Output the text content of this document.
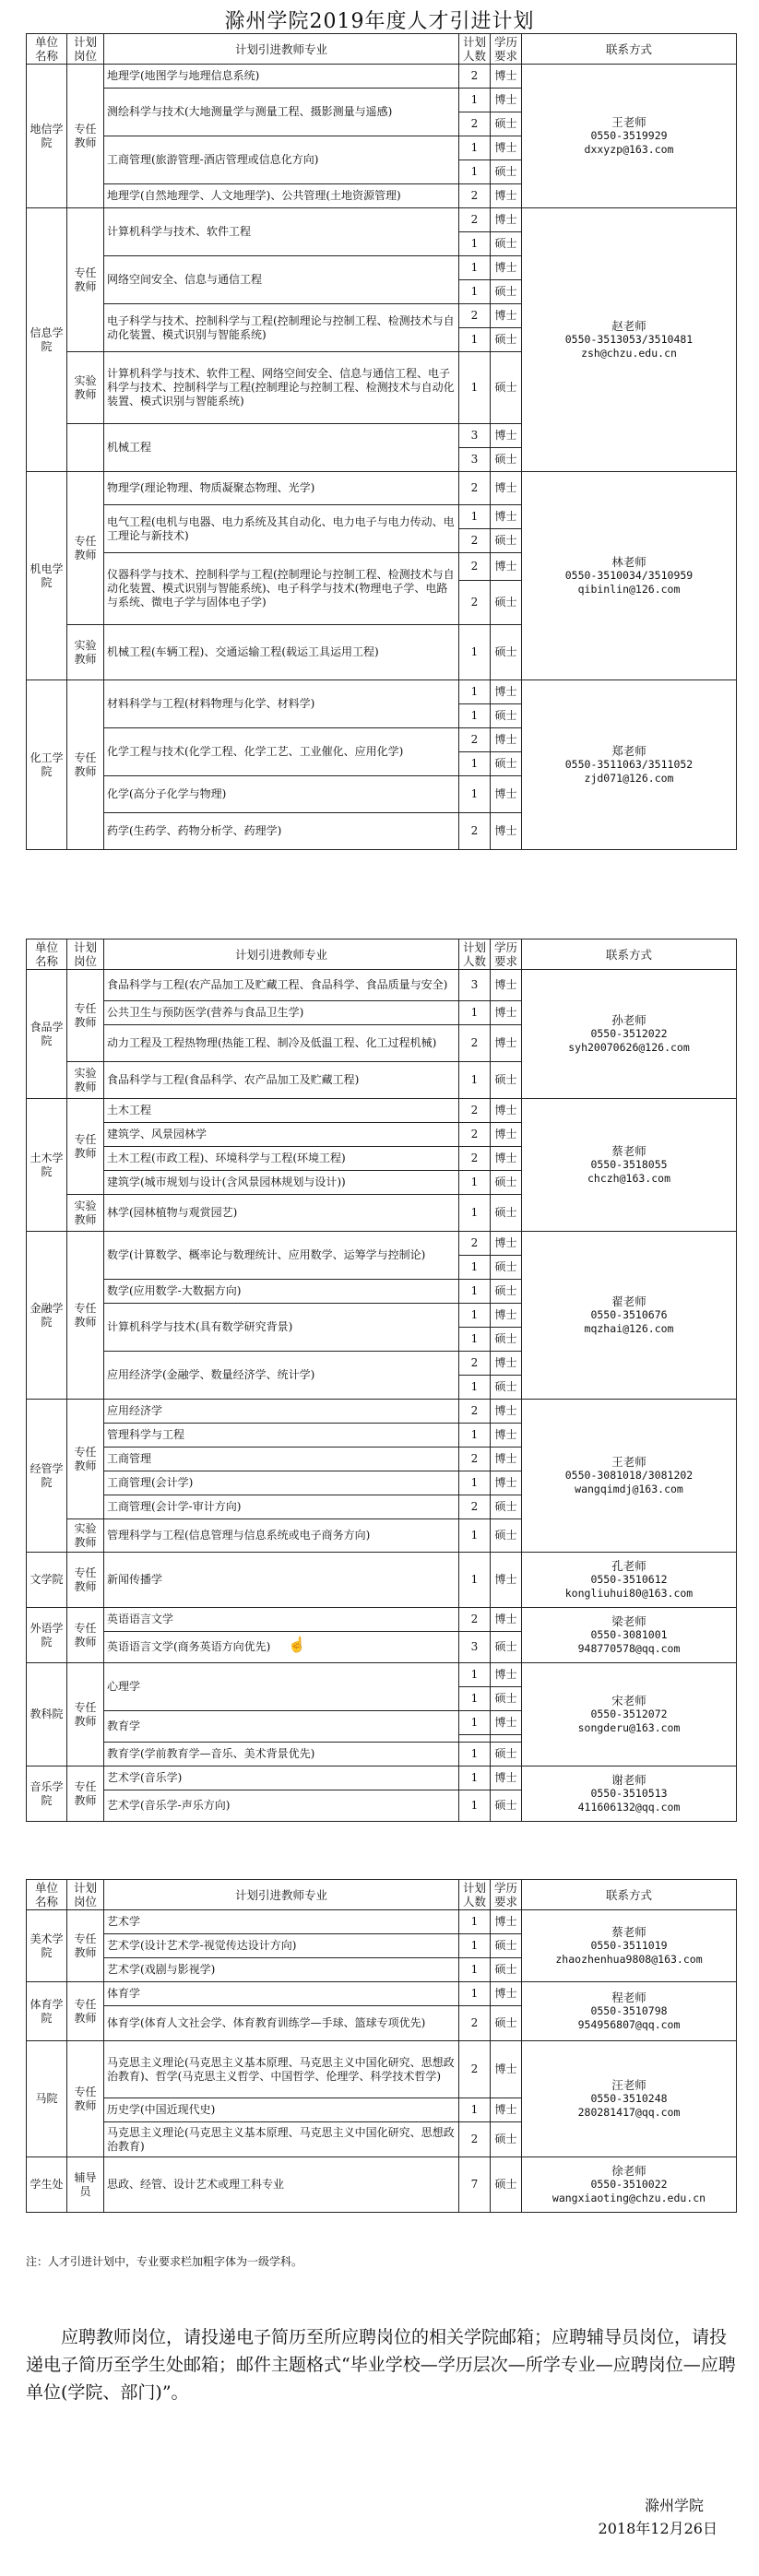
滁州学院2019年度人才引进计划
单位名称	计划岗位	计划引进教师专业	计划人数	学历要求	联系方式
地信学院	专任教师	地理学(地图学与地理信息系统)	2	博士	王老师
0550-3519929
dxxyzp@163.com

		测绘科学与技术(大地测量学与测量工程、摄影测量与遥感)	1	博士	
			2	硕士	
		工商管理(旅游管理-酒店管理或信息化方向)	1	博士	
			1	硕士	
		地理学(自然地理学、人文地理学)、公共管理(土地资源管理)	2	博士	
信息学院	专任教师	计算机科学与技术、软件工程	2	博士	赵老师
0550-3513053/3510481
zsh@chzu.edu.cn

			1	硕士	
		网络空间安全、信息与通信工程	1	博士	
			1	硕士	
		电子科学与技术、控制科学与工程(控制理论与控制工程、检测技术与自动化装置、模式识别与智能系统)	2	博士	
			1	硕士	
	实验教师	计算机科学与技术、软件工程、网络空间安全、信息与通信工程、电子科学与技术、控制科学与工程(控制理论与控制工程、检测技术与自动化装置、模式识别与智能系统)	1	硕士	
		机械工程	3	博士	
			3	硕士	
机电学院	专任教师	物理学(理论物理、物质凝聚态物理、光学)	2	博士	林老师
0550-3510034/3510959
qibinlin@126.com

		电气工程(电机与电器、电力系统及其自动化、电力电子与电力传动、电工理论与新技术)	1	博士	
			2	硕士	
		仪器科学与技术、控制科学与工程(控制理论与控制工程、检测技术与自动化装置、模式识别与智能系统)、电子科学与技术(物理电子学、电路与系统、微电子学与固体电子学)	2	博士	
			2	硕士	
	实验教师	机械工程(车辆工程)、交通运输工程(载运工具运用工程)	1	硕士	
化工学院	专任教师	材料科学与工程(材料物理与化学、材料学)	1	博士	郑老师
0550-3511063/3511052
zjd071@126.com

			1	硕士	
		化学工程与技术(化学工程、化学工艺、工业催化、应用化学)	2	博士	
			1	硕士	
		化学(高分子化学与物理)	1	博士	
		药学(生药学、药物分析学、药理学)	2	博士	
单位名称	计划岗位	计划引进教师专业	计划人数	学历要求	联系方式
食品学院	专任教师	食品科学与工程(农产品加工及贮藏工程、食品科学、食品质量与安全)	3	博士	孙老师
0550-3512022
syh20070626@126.com

		公共卫生与预防医学(营养与食品卫生学)	1	博士	
		动力工程及工程热物理(热能工程、制冷及低温工程、化工过程机械)	2	博士	
	实验教师	食品科学与工程(食品科学、农产品加工及贮藏工程)	1	硕士	
土木学院	专任教师	土木工程	2	博士	蔡老师
0550-3518055
chczh@163.com

		建筑学、风景园林学	2	博士	
		土木工程(市政工程)、环境科学与工程(环境工程)	2	博士	
		建筑学(城市规划与设计(含风景园林规划与设计))	1	硕士	
	实验教师	林学(园林植物与观赏园艺)	1	硕士	
金融学院	专任教师	数学(计算数学、概率论与数理统计、应用数学、运筹学与控制论)	2	博士	翟老师
0550-3510676
mqzhai@126.com

			1	硕士	
		数学(应用数学-大数据方向)	1	硕士	
		计算机科学与技术(具有数学研究背景)	1	博士	
			1	硕士	
		应用经济学(金融学、数量经济学、统计学)	2	博士	
			1	硕士	
经管学院	专任教师	应用经济学	2	博士	王老师
0550-3081018/3081202
wangqimdj@163.com

		管理科学与工程	1	博士	
		工商管理	2	博士	
		工商管理(会计学)	1	博士	
		工商管理(会计学-审计方向)	2	硕士	
	实验教师	管理科学与工程(信息管理与信息系统或电子商务方向)	1	硕士	
文学院	专任教师	新闻传播学	1	博士	孔老师
0550-3510612
kongliuhui80@163.com

外语学院	专任教师	英语语言文学	2	博士	梁老师
0550-3081001
948770578@qq.com

		英语语言文学(商务英语方向优先)	3	硕士	
教科院	专任教师	心理学	1	博士	宋老师
0550-3512072
songderu@163.com

			1	硕士	
		教育学	1	博士	

		教育学(学前教育学—音乐、美术背景优先)	1	硕士	
音乐学院	专任教师	艺术学(音乐学)	1	博士	谢老师
0550-3510513
411606132@qq.com

		艺术学(音乐学-声乐方向)	1	硕士	
单位名称	计划岗位	计划引进教师专业	计划人数	学历要求	联系方式
美术学院	专任教师	艺术学	1	博士	蔡老师
0550-3511019
zhaozhenhua9808@163.com

		艺术学(设计艺术学-视觉传达设计方向)	1	硕士	
		艺术学(戏剧与影视学)	1	硕士	
体育学院	专任教师	体育学	1	博士	程老师
0550-3510798
954956807@qq.com

		体育学(体育人文社会学、体育教育训练学—手球、篮球专项优先)	2	硕士	
马院	专任教师	马克思主义理论(马克思主义基本原理、马克思主义中国化研究、思想政治教育)、哲学(马克思主义哲学、中国哲学、伦理学、科学技术哲学)	2	博士	汪老师
0550-3510248
280281417@qq.com

		历史学(中国近现代史)	1	博士	
		马克思主义理论(马克思主义基本原理、马克思主义中国化研究、思想政治教育)	2	硕士	
学生处	辅导员	思政、经管、设计艺术或理工科专业	7	硕士	徐老师
0550-3510022
wangxiaoting@chzu.edu.cn
☝
注：人才引进计划中，专业要求栏加粗字体为一级学科。
应聘教师岗位，请投递电子简历至所应聘岗位的相关学院邮箱；应聘辅导员岗位，请投递电子简历至学生处邮箱；邮件主题格式“毕业学校—学历层次—所学专业—应聘岗位—应聘单位(学院、部门)”。
滁州学院
2018年12月26日
